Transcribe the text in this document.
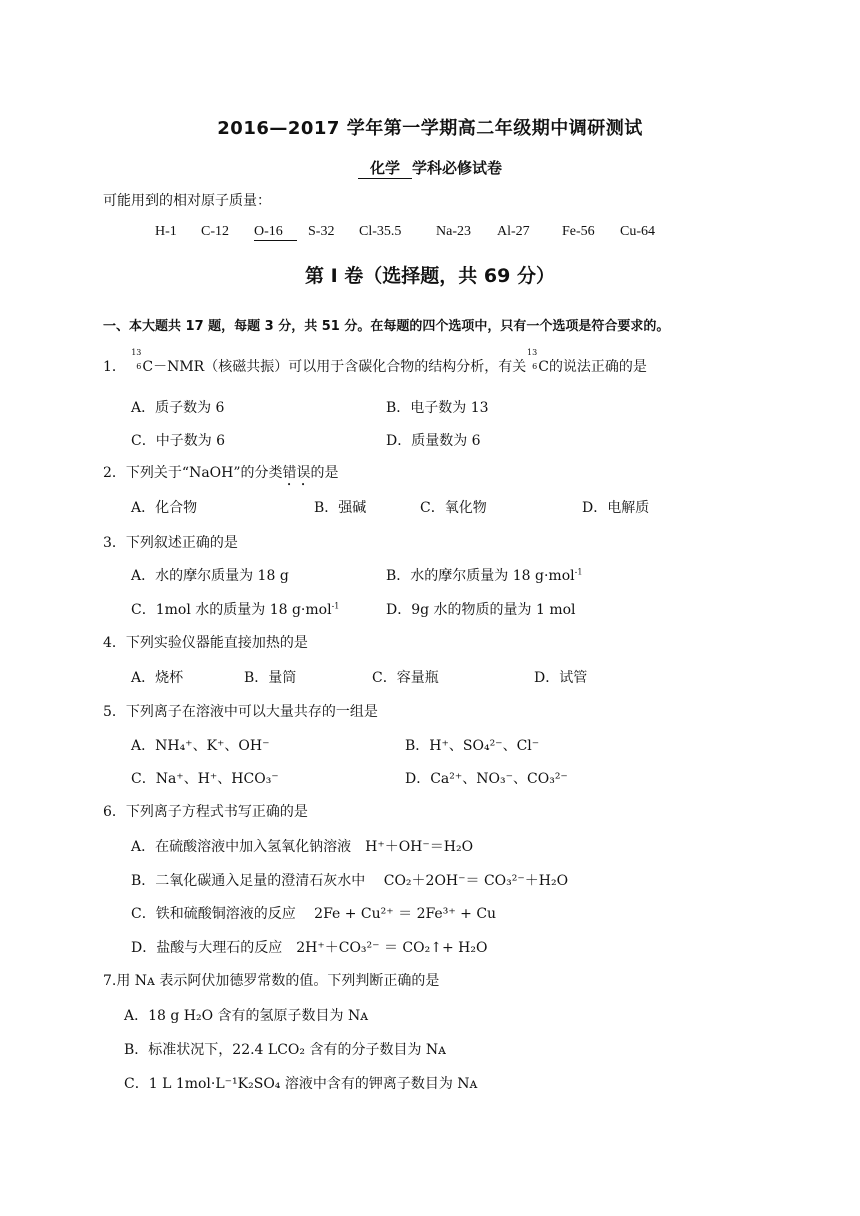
2016—2017 学年第一学期高二年级期中调研测试
化学 学科必修试卷
可能用到的相对原子质量：
H-1 C-12 O-16	S-32 Cl-35.5 Na-23 Al-27 Fe-56 Cu-64
第 I 卷（选择题，共 69 分）
一、本大题共 17 题，每题 3 分，共 51 分。在每题的四个选项中，只有一个选项是符合要求的。
1．
13
6 C－NMR（核磁共振）可以用于含碳化合物的结构分析，有关
13
6 C的说法正确的是
A．质子数为 6	B．电子数为 13
C．中子数为 6	D．质量数为 6
2．下列关于“NaOH”的分类错误的是
A．化合物	B．强碱	C．氧化物	D．电解质
3．下列叙述正确的是
A．水的摩尔质量为 18 g	B．水的摩尔质量为 18 g·mol$^{-1}$
C．1mol 水的质量为 18 g·mol$^{-1}$	D．9g 水的物质的量为 1 mol
4．下列实验仪器能直接加热的是
A．烧杯	B．量筒	C．容量瓶	D．试管
5．下列离子在溶液中可以大量共存的一组是
A．NH₄⁺、K⁺、OH⁻	B．H⁺、SO₄²⁻、Cl⁻
C．Na⁺、H⁺、HCO₃⁻	D．Ca²⁺、NO₃⁻、CO₃²⁻
6．下列离子方程式书写正确的是
A．在硫酸溶液中加入氢氧化钠溶液　H⁺＋OH⁻＝H₂O
B．二氧化碳通入足量的澄清石灰水中　 CO₂＋2OH⁻＝ CO₃²⁻＋H₂O
C．铁和硫酸铜溶液的反应　 2Fe + Cu²⁺ ＝ 2Fe³⁺ + Cu
D．盐酸与大理石的反应　2H⁺＋CO₃²⁻ ＝ CO₂↑+ H₂O
7.用 Nᴀ 表示阿伏加德罗常数的值。下列判断正确的是
A．18 g H₂O 含有的氢原子数目为 Nᴀ
B．标准状况下，22.4 LCO₂ 含有的分子数目为 Nᴀ
C．1 L 1mol·L⁻¹K₂SO₄ 溶液中含有的钾离子数目为 Nᴀ
